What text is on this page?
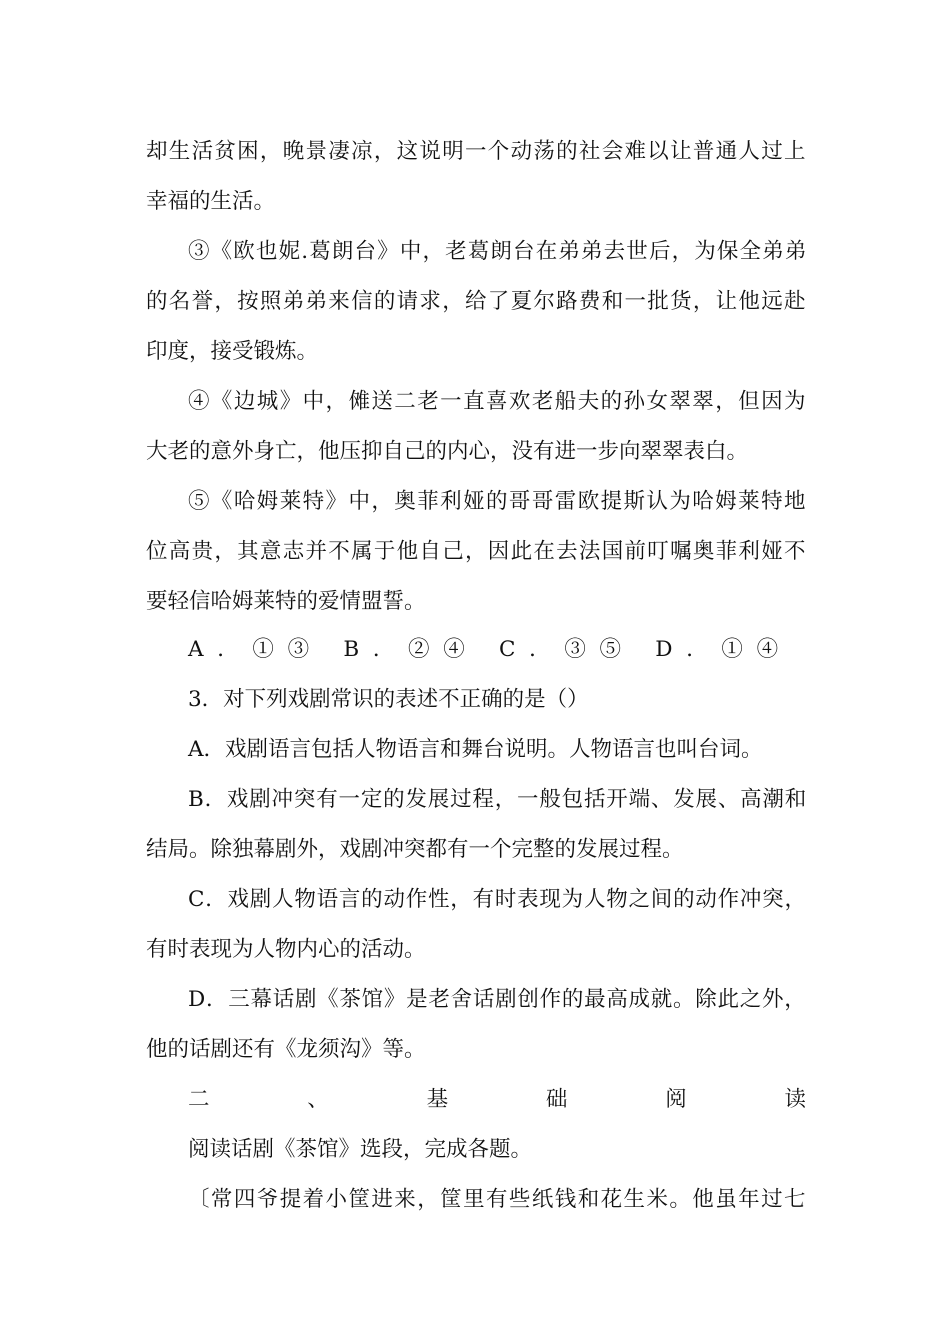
却生活贫困，晚景凄凉，这说明一个动荡的社会难以让普通人过上

幸福的生活。

③《欧也妮.葛朗台》中，老葛朗台在弟弟去世后，为保全弟弟

的名誉，按照弟弟来信的请求，给了夏尔路费和一批货，让他远赴

印度，接受锻炼。

④《边城》中，傩送二老一直喜欢老船夫的孙女翠翠，但因为

大老的意外身亡，他压抑自己的内心，没有进一步向翠翠表白。

⑤《哈姆莱特》中，奥菲利娅的哥哥雷欧提斯认为哈姆莱特地

位高贵，其意志并不属于他自己，因此在去法国前叮嘱奥菲利娅不

要轻信哈姆莱特的爱情盟誓。

A．①③ B．②④ C．③⑤ D．①④

3．对下列戏剧常识的表述不正确的是（）

A．戏剧语言包括人物语言和舞台说明。人物语言也叫台词。

B．戏剧冲突有一定的发展过程，一般包括开端、发展、高潮和

结局。除独幕剧外，戏剧冲突都有一个完整的发展过程。

C．戏剧人物语言的动作性，有时表现为人物之间的动作冲突，

有时表现为人物内心的活动。

D．三幕话剧《茶馆》是老舍话剧创作的最高成就。除此之外，

他的话剧还有《龙须沟》等。

二、基础阅读

阅读话剧《茶馆》选段，完成各题。

〔常四爷提着小筐进来，筐里有些纸钱和花生米。他虽年过七
